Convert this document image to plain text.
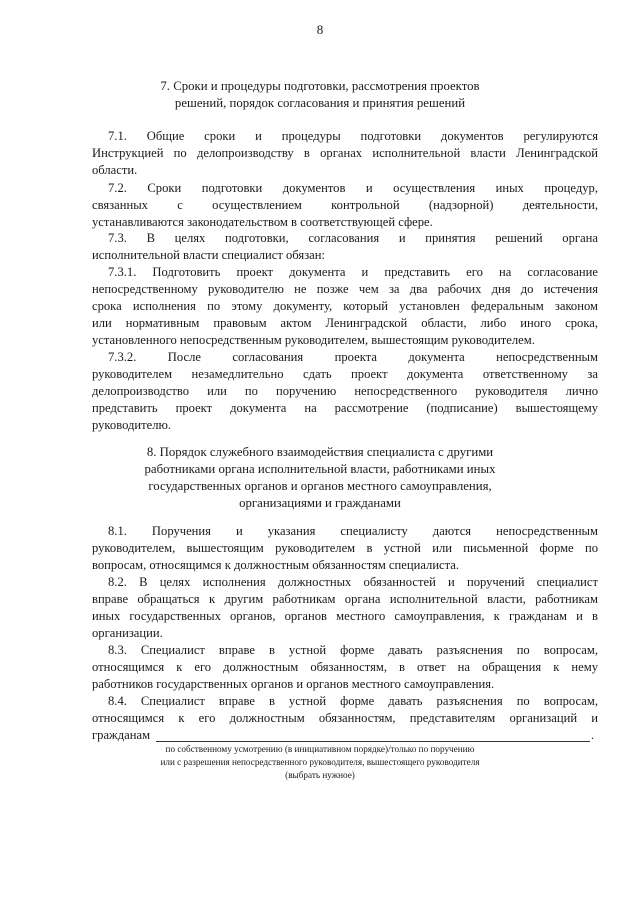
8
7. Сроки и процедуры подготовки, рассмотрения проектов
решений, порядок согласования и принятия решений
7.1. Общие сроки и процедуры подготовки документов регулируются
Инструкцией по делопроизводству в органах исполнительной власти Ленинградской
области.
7.2. Сроки подготовки документов и осуществления иных процедур,
связанных с осуществлением контрольной (надзорной) деятельности,
устанавливаются законодательством в соответствующей сфере.
7.3. В целях подготовки, согласования и принятия решений органа
исполнительной власти специалист обязан:
7.3.1. Подготовить проект документа и представить его на согласование
непосредственному руководителю не позже чем за два рабочих дня до истечения
срока исполнения по этому документу, который установлен федеральным законом
или нормативным правовым актом Ленинградской области, либо иного срока,
установленного непосредственным руководителем, вышестоящим руководителем.
7.3.2. После согласования проекта документа непосредственным
руководителем незамедлительно сдать проект документа ответственному за
делопроизводство или по поручению непосредственного руководителя лично
представить проект документа на рассмотрение (подписание) вышестоящему
руководителю.
8. Порядок служебного взаимодействия специалиста с другими
работниками органа исполнительной власти, работниками иных
государственных органов и органов местного самоуправления,
организациями и гражданами
8.1. Поручения и указания специалисту даются непосредственным
руководителем, вышестоящим руководителем в устной или письменной форме по
вопросам, относящимся к должностным обязанностям специалиста.
8.2. В целях исполнения должностных обязанностей и поручений специалист
вправе обращаться к другим работникам органа исполнительной власти, работникам
иных государственных органов, органов местного самоуправления, к гражданам и в
организации.
8.3. Специалист вправе в устной форме давать разъяснения по вопросам,
относящимся к его должностным обязанностям, в ответ на обращения к нему
работников государственных органов и органов местного самоуправления.
8.4. Специалист вправе в устной форме давать разъяснения по вопросам,
относящимся к его должностным обязанностям, представителям организаций и
гражданам	.
по собственному усмотрению (в инициативном порядке)/только по поручению
или с разрешения непосредственного руководителя, вышестоящего руководителя
(выбрать нужное)
